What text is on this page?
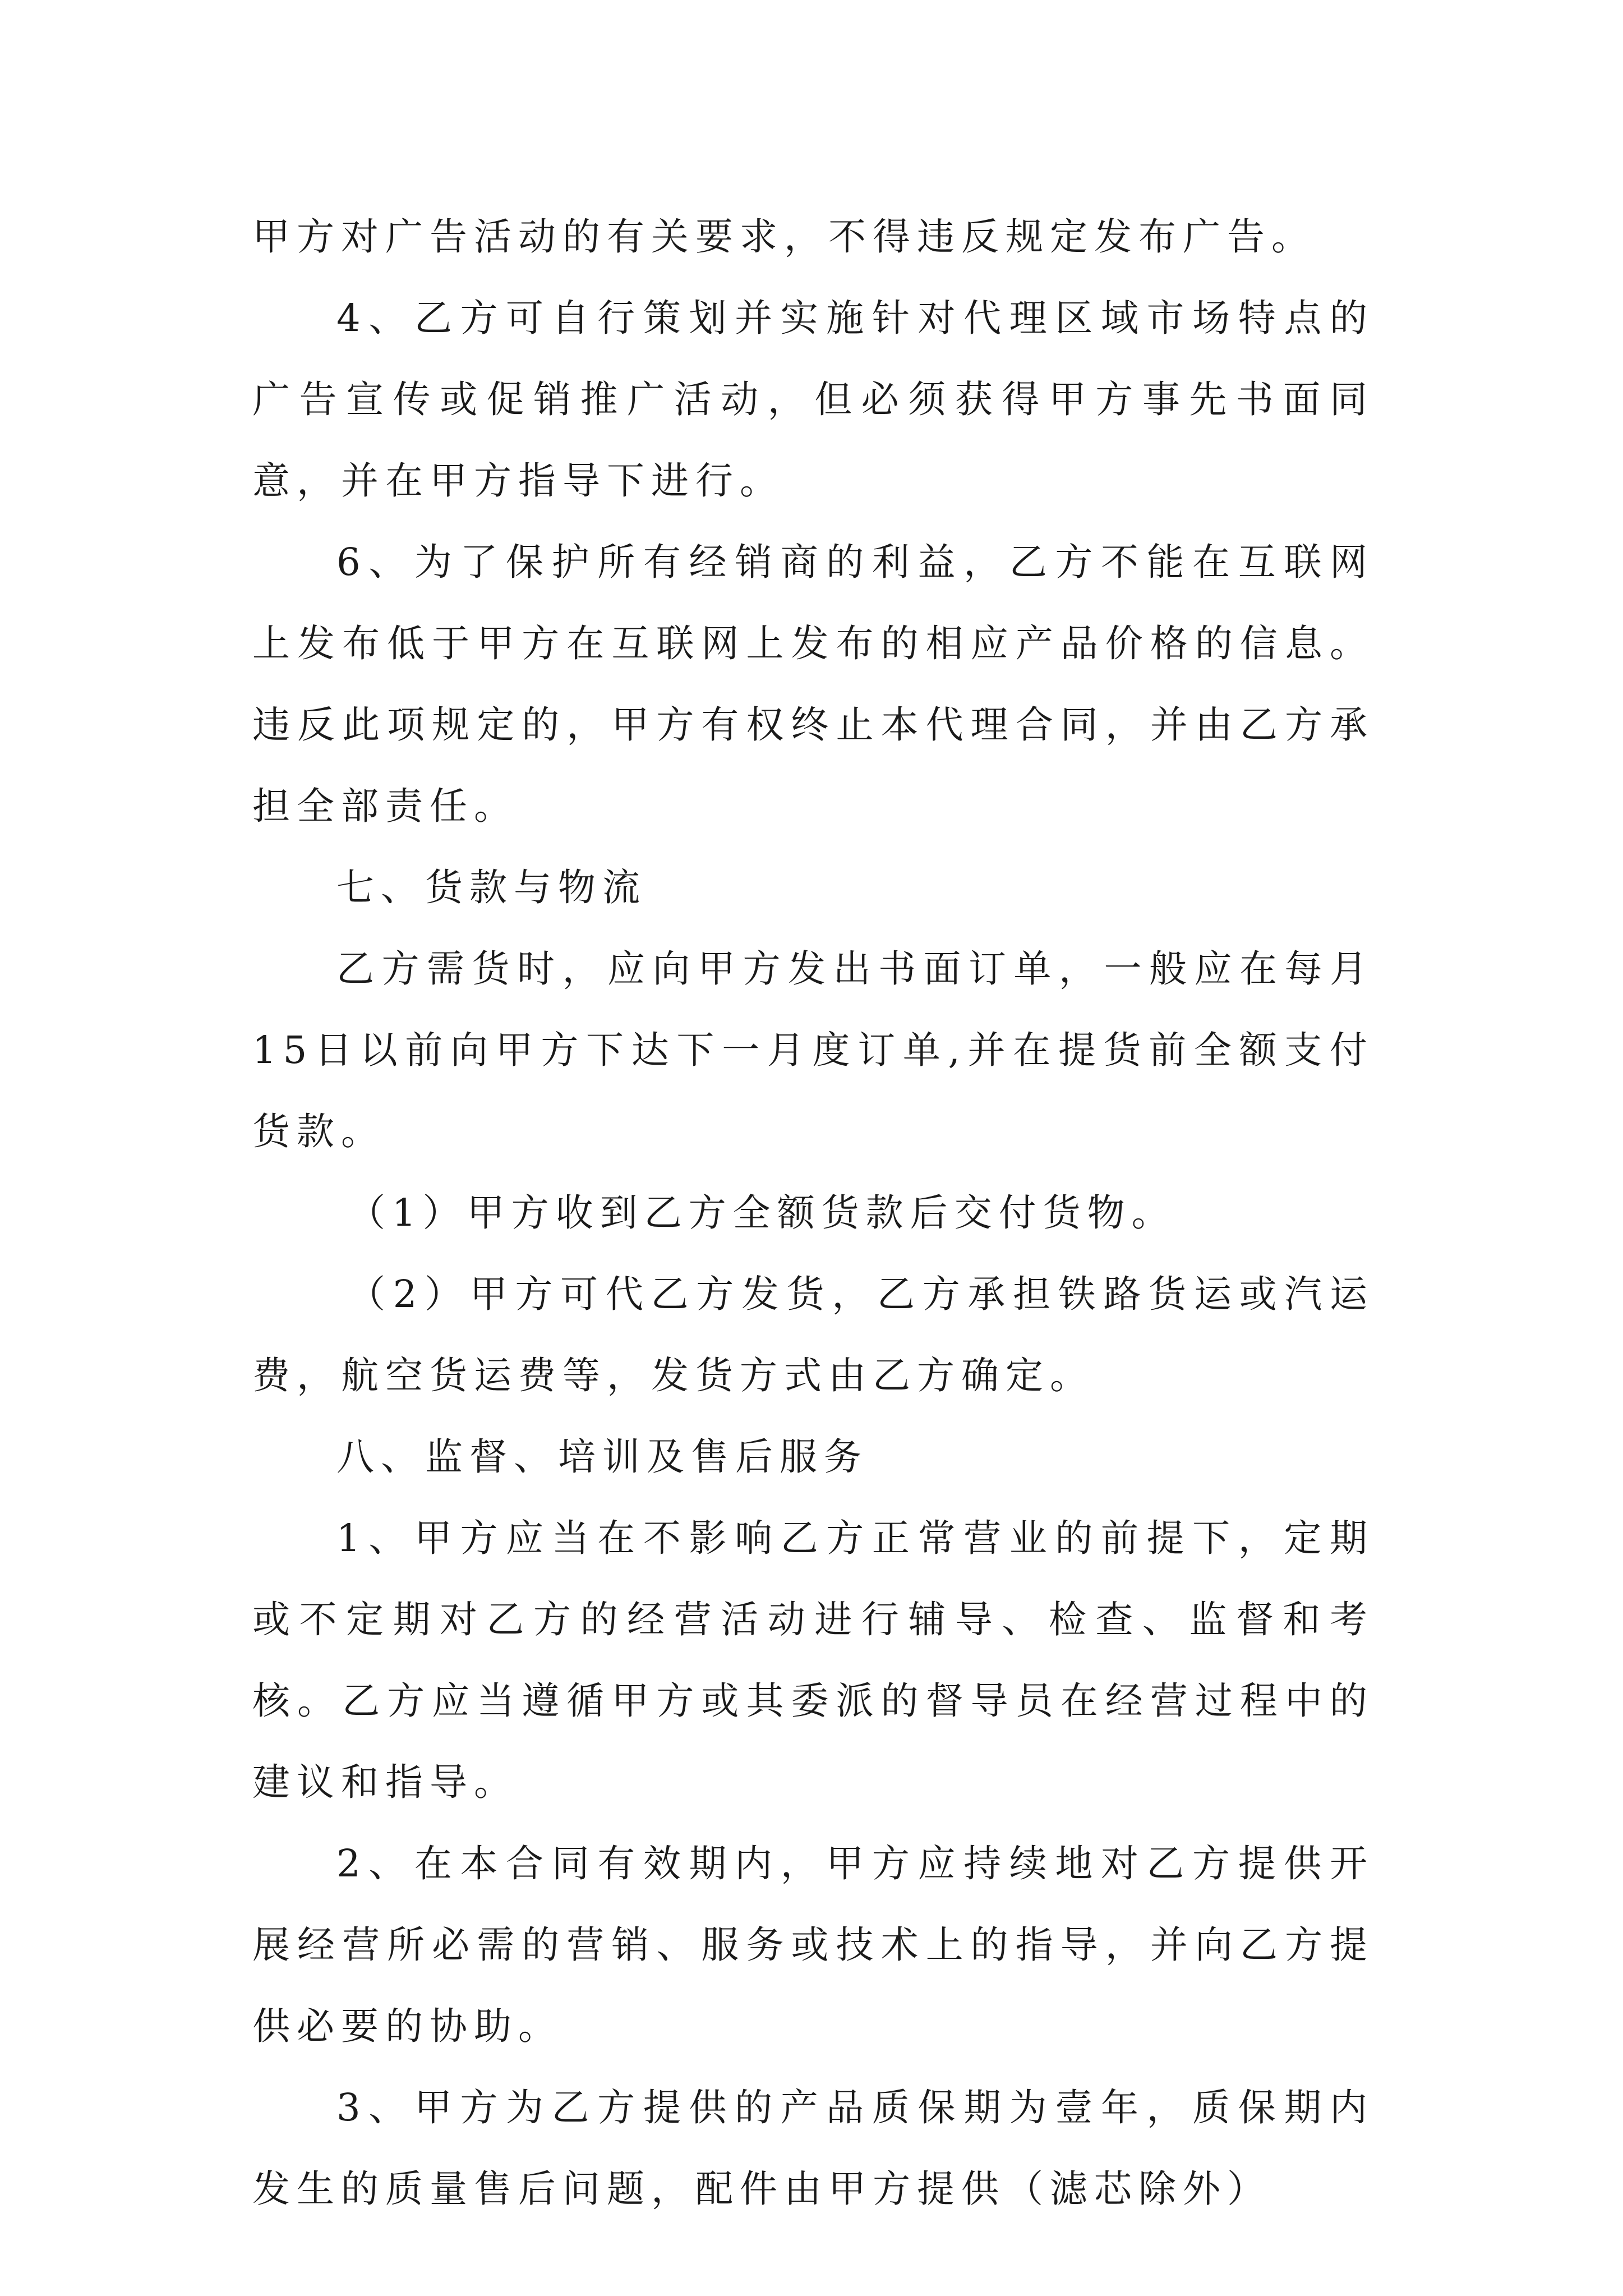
甲方对广告活动的有关要求，不得违反规定发布广告。

4、乙方可自行策划并实施针对代理区域市场特点的广告宣传或促销推广活动，但必须获得甲方事先书面同意，并在甲方指导下进行。

6、为了保护所有经销商的利益，乙方不能在互联网上发布低于甲方在互联网上发布的相应产品价格的信息。违反此项规定的，甲方有权终止本代理合同，并由乙方承担全部责任。

七、货款与物流

乙方需货时，应向甲方发出书面订单，一般应在每月15日以前向甲方下达下一月度订单,并在提货前全额支付货款。

（1）甲方收到乙方全额货款后交付货物。

（2）甲方可代乙方发货，乙方承担铁路货运或汽运费，航空货运费等，发货方式由乙方确定。

八、监督、培训及售后服务

1、甲方应当在不影响乙方正常营业的前提下，定期或不定期对乙方的经营活动进行辅导、检查、监督和考核。乙方应当遵循甲方或其委派的督导员在经营过程中的建议和指导。

2、在本合同有效期内，甲方应持续地对乙方提供开展经营所必需的营销、服务或技术上的指导，并向乙方提供必要的协助。

3、甲方为乙方提供的产品质保期为壹年，质保期内发生的质量售后问题，配件由甲方提供（滤芯除外）
